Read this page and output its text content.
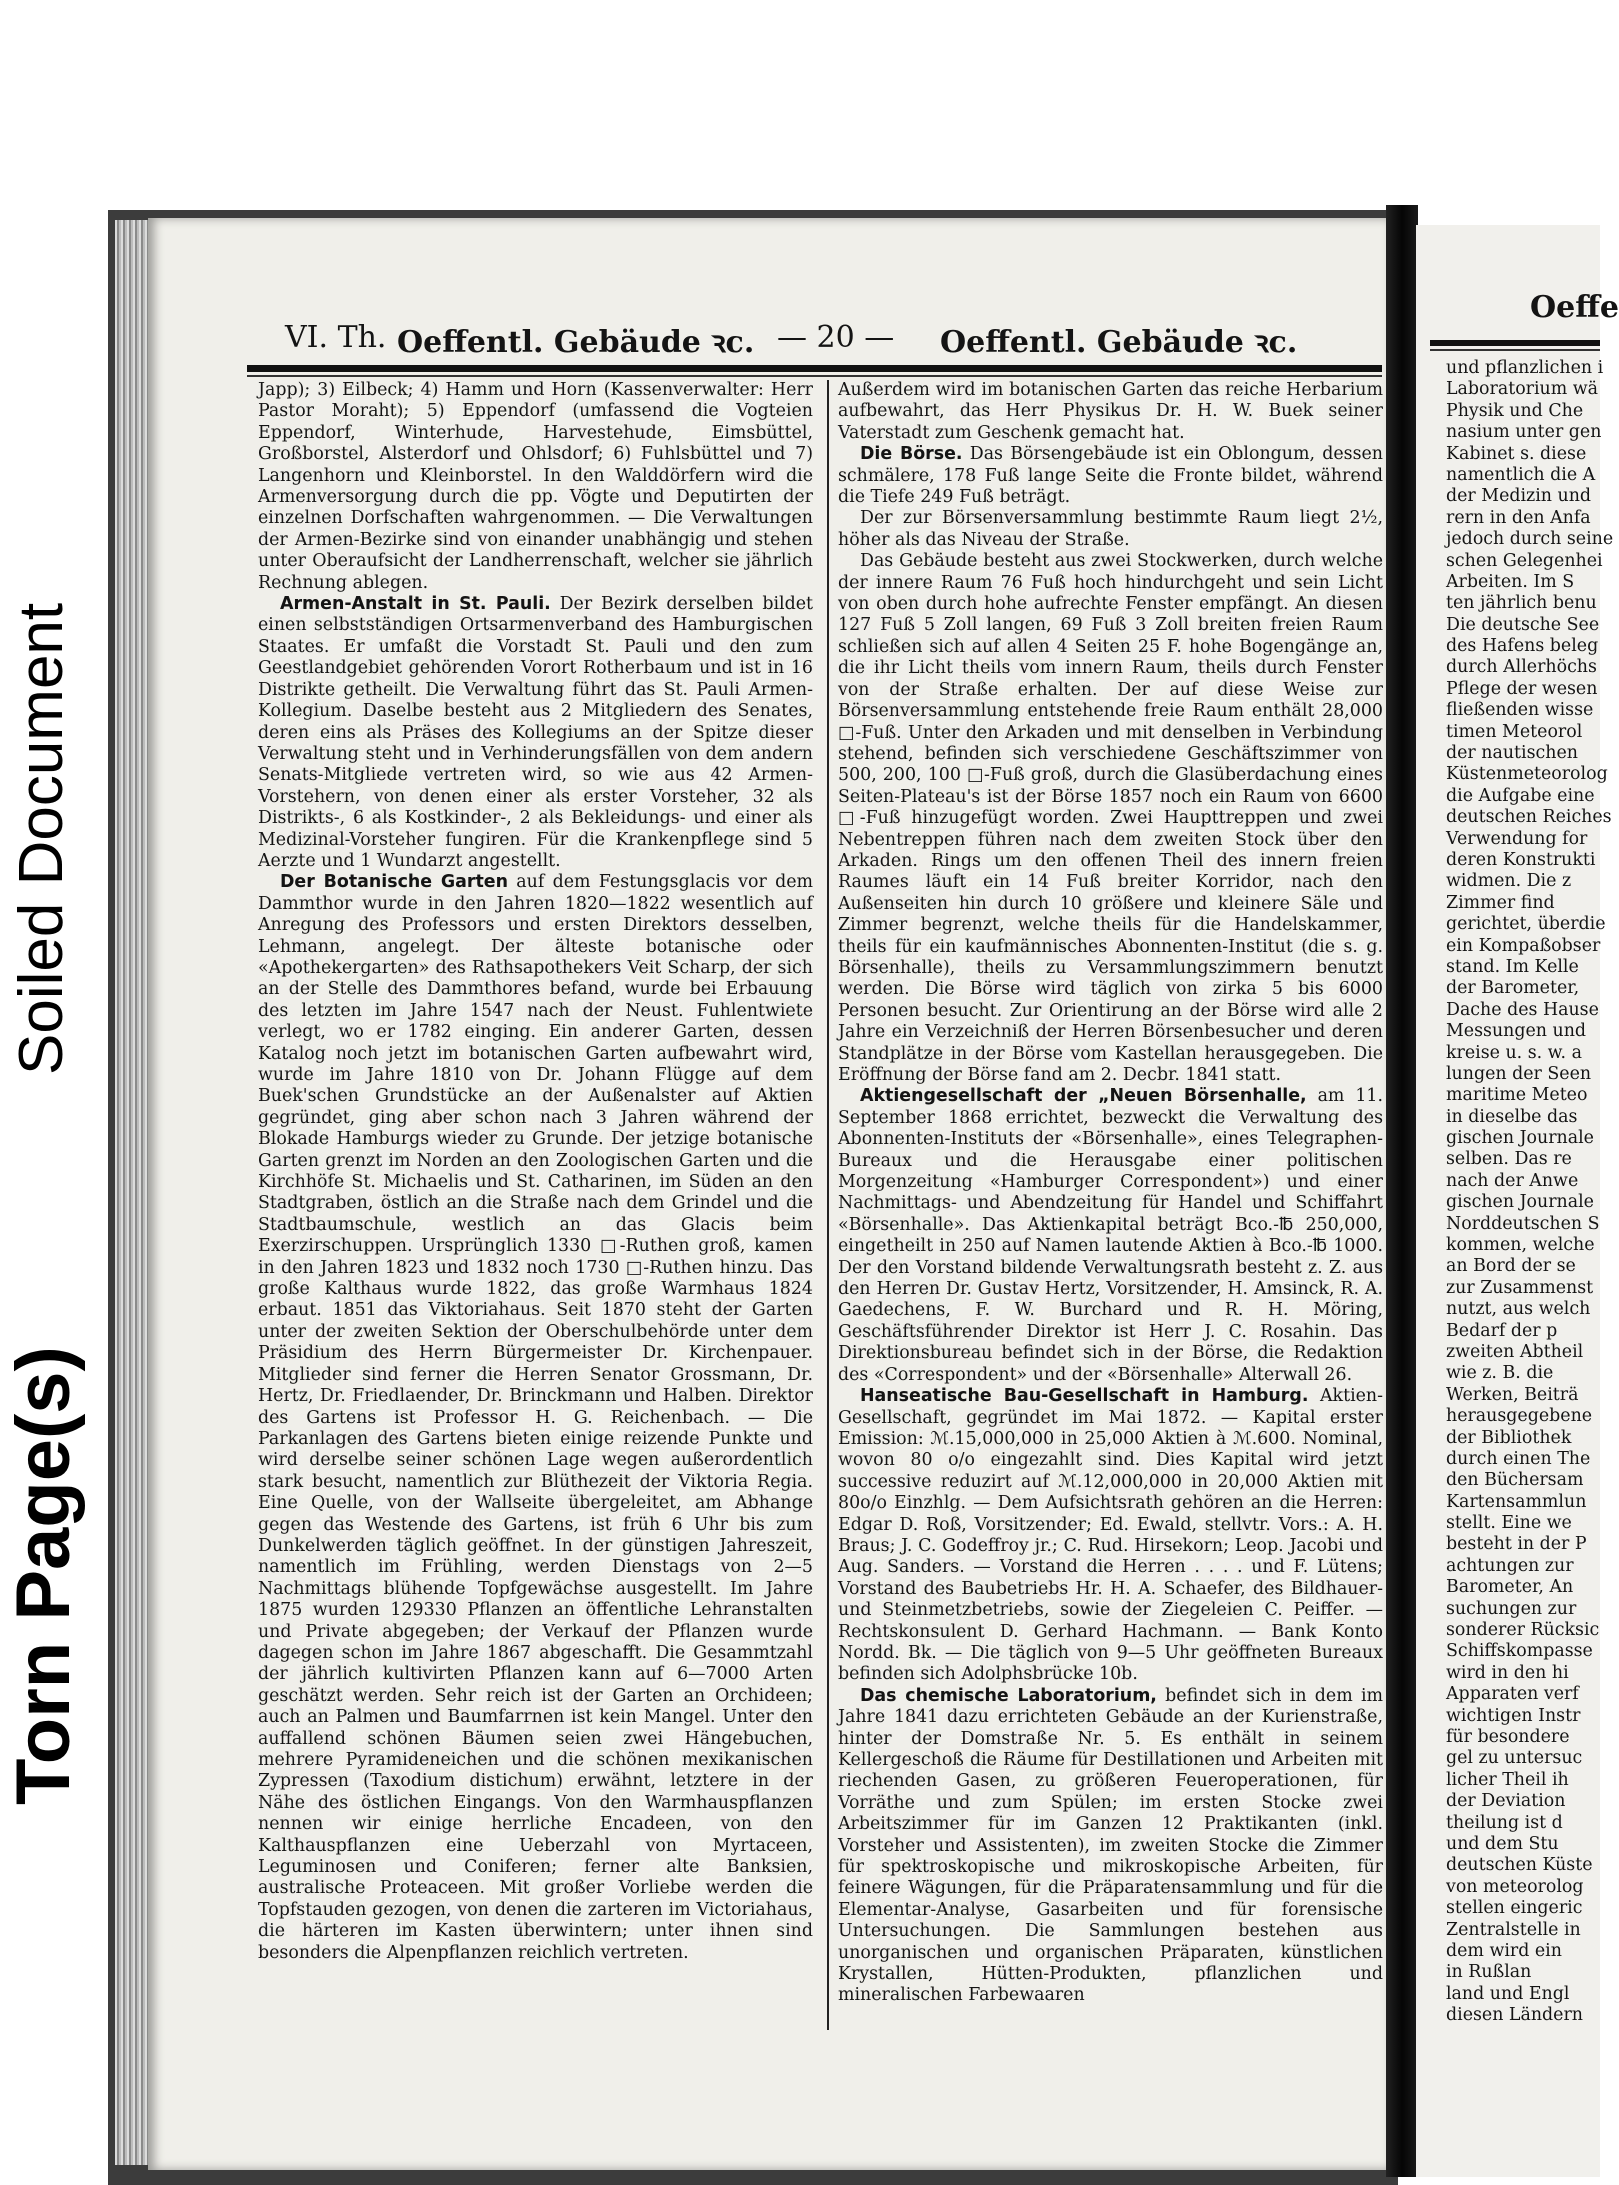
Soiled Document
Torn Page(s)
VI. Th. Oeffentl. Gebäude ꝛc. — 20 — Oeffentl. Gebäude ꝛc.

Japp); 3) Eilbeck; 4) Hamm und Horn (Kassenverwalter: Herr Pastor Moraht); 5) Eppendorf (umfassend die Vogteien Eppendorf, Winterhude, Harvestehude, Eimsbüttel, Großborstel, Alsterdorf und Ohlsdorf; 6) Fuhlsbüttel und 7) Langenhorn und Kleinborstel. In den Walddörfern wird die Armenversorgung durch die pp. Vögte und Deputirten der einzelnen Dorfschaften wahrgenommen. — Die Verwaltungen der Armen-Bezirke sind von einander unabhängig und stehen unter Oberaufsicht der Landherrenschaft, welcher sie jährlich Rechnung ablegen.

Armen-Anstalt in St. Pauli. Der Bezirk derselben bildet einen selbstständigen Ortsarmenverband des Hamburgischen Staates. Er umfaßt die Vorstadt St. Pauli und den zum Geestlandgebiet gehörenden Vorort Rotherbaum und ist in 16 Distrikte getheilt. Die Verwaltung führt das St. Pauli Armen-Kollegium. Daselbe besteht aus 2 Mitgliedern des Senates, deren eins als Präses des Kollegiums an der Spitze dieser Verwaltung steht und in Verhinderungsfällen von dem andern Senats-Mitgliede vertreten wird, so wie aus 42 Armen-Vorstehern, von denen einer als erster Vorsteher, 32 als Distrikts-, 6 als Kostkinder-, 2 als Bekleidungs- und einer als Medizinal-Vorsteher fungiren. Für die Krankenpflege sind 5 Aerzte und 1 Wundarzt angestellt.

Der Botanische Garten auf dem Festungsglacis vor dem Dammthor wurde in den Jahren 1820—1822 wesentlich auf Anregung des Professors und ersten Direktors desselben, Lehmann, angelegt. Der älteste botanische oder «Apothekergarten» des Rathsapothekers Veit Scharp, der sich an der Stelle des Dammthores befand, wurde bei Erbauung des letzten im Jahre 1547 nach der Neust. Fuhlentwiete verlegt, wo er 1782 einging. Ein anderer Garten, dessen Katalog noch jetzt im botanischen Garten aufbewahrt wird, wurde im Jahre 1810 von Dr. Johann Flügge auf dem Buek'schen Grundstücke an der Außenalster auf Aktien gegründet, ging aber schon nach 3 Jahren während der Blokade Hamburgs wieder zu Grunde. Der jetzige botanische Garten grenzt im Norden an den Zoologischen Garten und die Kirchhöfe St. Michaelis und St. Catharinen, im Süden an den Stadtgraben, östlich an die Straße nach dem Grindel und die Stadtbaumschule, westlich an das Glacis beim Exerzirschuppen. Ursprünglich 1330 □-Ruthen groß, kamen in den Jahren 1823 und 1832 noch 1730 □-Ruthen hinzu. Das große Kalthaus wurde 1822, das große Warmhaus 1824 erbaut. 1851 das Viktoriahaus. Seit 1870 steht der Garten unter der zweiten Sektion der Oberschulbehörde unter dem Präsidium des Herrn Bürgermeister Dr. Kirchenpauer. Mitglieder sind ferner die Herren Senator Grossmann, Dr. Hertz, Dr. Friedlaender, Dr. Brinckmann und Halben. Direktor des Gartens ist Professor H. G. Reichenbach. — Die Parkanlagen des Gartens bieten einige reizende Punkte und wird derselbe seiner schönen Lage wegen außerordentlich stark besucht, namentlich zur Blüthezeit der Viktoria Regia. Eine Quelle, von der Wallseite übergeleitet, am Abhange gegen das Westende des Gartens, ist früh 6 Uhr bis zum Dunkelwerden täglich geöffnet. In der günstigen Jahreszeit, namentlich im Frühling, werden Dienstags von 2—5 Nachmittags blühende Topfgewächse ausgestellt. Im Jahre 1875 wurden 129330 Pflanzen an öffentliche Lehranstalten und Private abgegeben; der Verkauf der Pflanzen wurde dagegen schon im Jahre 1867 abgeschafft. Die Gesammtzahl der jährlich kultivirten Pflanzen kann auf 6—7000 Arten geschätzt werden. Sehr reich ist der Garten an Orchideen; auch an Palmen und Baumfarrnen ist kein Mangel. Unter den auffallend schönen Bäumen seien zwei Hängebuchen, mehrere Pyramideneichen und die schönen mexikanischen Zypressen (Taxodium distichum) erwähnt, letztere in der Nähe des östlichen Eingangs. Von den Warmhauspflanzen nennen wir einige herrliche Encadeen, von den Kalthauspflanzen eine Ueberzahl von Myrtaceen, Leguminosen und Coniferen; ferner alte Banksien, australische Proteaceen. Mit großer Vorliebe werden die Topfstauden gezogen, von denen die zarteren im Victoriahaus, die härteren im Kasten überwintern; unter ihnen sind besonders die Alpenpflanzen reichlich vertreten.

Außerdem wird im botanischen Garten das reiche Herbarium aufbewahrt, das Herr Physikus Dr. H. W. Buek seiner Vaterstadt zum Geschenk gemacht hat.

Die Börse. Das Börsengebäude ist ein Oblongum, dessen schmälere, 178 Fuß lange Seite die Fronte bildet, während die Tiefe 249 Fuß beträgt.

Der zur Börsenversammlung bestimmte Raum liegt 2½, höher als das Niveau der Straße.

Das Gebäude besteht aus zwei Stockwerken, durch welche der innere Raum 76 Fuß hoch hindurchgeht und sein Licht von oben durch hohe aufrechte Fenster empfängt. An diesen 127 Fuß 5 Zoll langen, 69 Fuß 3 Zoll breiten freien Raum schließen sich auf allen 4 Seiten 25 F. hohe Bogengänge an, die ihr Licht theils vom innern Raum, theils durch Fenster von der Straße erhalten. Der auf diese Weise zur Börsenversammlung entstehende freie Raum enthält 28,000 □-Fuß. Unter den Arkaden und mit denselben in Verbindung stehend, befinden sich verschiedene Geschäftszimmer von 500, 200, 100 □-Fuß groß, durch die Glasüberdachung eines Seiten-Plateau's ist der Börse 1857 noch ein Raum von 6600 □-Fuß hinzugefügt worden. Zwei Haupttreppen und zwei Nebentreppen führen nach dem zweiten Stock über den Arkaden. Rings um den offenen Theil des innern freien Raumes läuft ein 14 Fuß breiter Korridor, nach den Außenseiten hin durch 10 größere und kleinere Säle und Zimmer begrenzt, welche theils für die Handelskammer, theils für ein kaufmännisches Abonnenten-Institut (die s. g. Börsenhalle), theils zu Versammlungszimmern benutzt werden. Die Börse wird täglich von zirka 5 bis 6000 Personen besucht. Zur Orientirung an der Börse wird alle 2 Jahre ein Verzeichniß der Herren Börsenbesucher und deren Standplätze in der Börse vom Kastellan herausgegeben. Die Eröffnung der Börse fand am 2. Decbr. 1841 statt.

Aktiengesellschaft der „Neuen Börsenhalle, am 11. September 1868 errichtet, bezweckt die Verwaltung des Abonnenten-Instituts der «Börsenhalle», eines Telegraphen-Bureaux und die Herausgabe einer politischen Morgenzeitung «Hamburger Correspondent») und einer Nachmittags- und Abendzeitung für Handel und Schiffahrt «Börsenhalle». Das Aktienkapital beträgt Bco.-℔ 250,000, eingetheilt in 250 auf Namen lautende Aktien à Bco.-℔ 1000. Der den Vorstand bildende Verwaltungsrath besteht z. Z. aus den Herren Dr. Gustav Hertz, Vorsitzender, H. Amsinck, R. A. Gaedechens, F. W. Burchard und R. H. Möring, Geschäftsführender Direktor ist Herr J. C. Rosahin. Das Direktionsbureau befindet sich in der Börse, die Redaktion des «Correspondent» und der «Börsenhalle» Alterwall 26.

Hanseatische Bau-Gesellschaft in Hamburg. Aktien-Gesellschaft, gegründet im Mai 1872. — Kapital erster Emission: ℳ.15,000,000 in 25,000 Aktien à ℳ.600. Nominal, wovon 80 o/o eingezahlt sind. Dies Kapital wird jetzt successive reduzirt auf ℳ.12,000,000 in 20,000 Aktien mit 80o/o Einzhlg. — Dem Aufsichtsrath gehören an die Herren: Edgar D. Roß, Vorsitzender; Ed. Ewald, stellvtr. Vors.: A. H. Braus; J. C. Godeffroy jr.; C. Rud. Hirsekorn; Leop. Jacobi und Aug. Sanders. — Vorstand die Herren . . . . und F. Lütens; Vorstand des Baubetriebs Hr. H. A. Schaefer, des Bildhauer- und Steinmetzbetriebs, sowie der Ziegeleien C. Peiffer. — Rechtskonsulent D. Gerhard Hachmann. — Bank Konto Nordd. Bk. — Die täglich von 9—5 Uhr geöffneten Bureaux befinden sich Adolphsbrücke 10b.

Das chemische Laboratorium, befindet sich in dem im Jahre 1841 dazu errichteten Gebäude an der Kurienstraße, hinter der Domstraße Nr. 5. Es enthält in seinem Kellergeschoß die Räume für Destillationen und Arbeiten mit riechenden Gasen, zu größeren Feueroperationen, für Vorräthe und zum Spülen; im ersten Stocke zwei Arbeitszimmer für im Ganzen 12 Praktikanten (inkl. Vorsteher und Assistenten), im zweiten Stocke die Zimmer für spektroskopische und mikroskopische Arbeiten, für feinere Wägungen, für die Präparatensammlung und für die Elementar-Analyse, Gasarbeiten und für forensische Untersuchungen. Die Sammlungen bestehen aus unorganischen und organischen Präparaten, künstlichen Krystallen, Hütten-Produkten, pflanzlichen und mineralischen Farbewaaren

Oeffe
und pflanzlichen i
Laboratorium wä
Physik und Che
nasium unter gen
Kabinet s. diese
namentlich die A
der Medizin und
rern in den Anfa
jedoch durch seine
schen Gelegenhei
Arbeiten. Im S
ten jährlich benu
Die deutsche See
des Hafens beleg
durch Allerhöchs
Pflege der wesen
fließenden wisse
timen Meteorol
der nautischen
Küstenmeteorolog
die Aufgabe eine
deutschen Reiches
Verwendung for
deren Konstrukti
widmen. Die z
Zimmer find
gerichtet, überdie
ein Kompaßobser
stand. Im Kelle
der Barometer,
Dache des Hause
Messungen und
kreise u. s. w. a
lungen der Seen
maritime Meteo
in dieselbe das
gischen Journale
selben. Das re
nach der Anwe
gischen Journale
Norddeutschen S
kommen, welche
an Bord der se
zur Zusammenst
nutzt, aus welch
Bedarf der p
zweiten Abtheil
wie z. B. die
Werken, Beiträ
herausgegebene
der Bibliothek
durch einen The
den Büchersam
Kartensammlun
stellt. Eine we
besteht in der P
achtungen zur
Barometer, An
suchungen zur
sonderer Rücksic
Schiffskompasse
wird in den hi
Apparaten verf
wichtigen Instr
für besondere
gel zu untersuc
licher Theil ih
der Deviation
theilung ist d
und dem Stu
deutschen Küste
von meteorolog
stellen eingeric
Zentralstelle in
dem wird ein
in Rußlan
land und Engl
diesen Ländern
